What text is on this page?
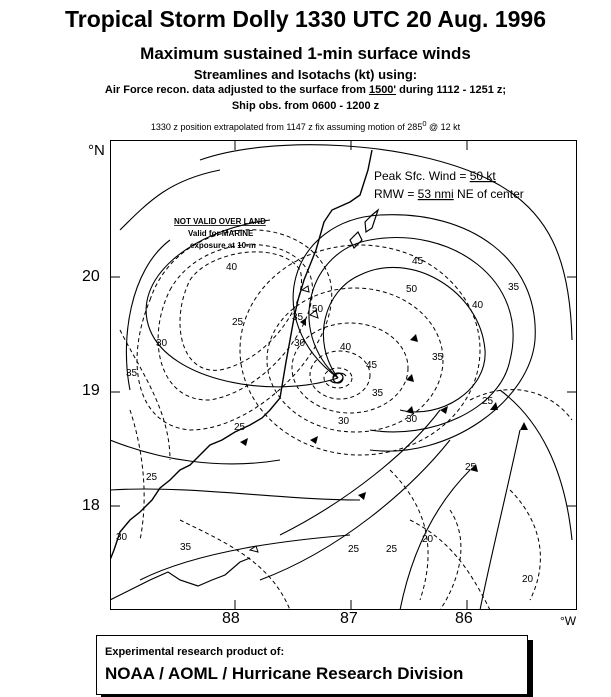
Tropical Storm Dolly 1330 UTC 20 Aug. 1996
Maximum sustained 1-min surface winds
Streamlines and Isotachs (kt) using:
Air Force recon. data adjusted to the surface from 1500' during 1112 - 1251 z;
Ship obs. from 0600 - 1200 z
1330 z position extrapolated from 1147 z fix assuming motion of $285^0$ @ 12 kt
°N
20
19
18
88	87	86	°W
40
45
50	35
40
35
25
30
35
50
45
40
35
30
25
30
25
30
35	25
25
25
20
20
30
25
35
Peak Sfc. Wind = 50 kt
RMW = 53 nmi NE of center
NOT VALID OVER LAND
Valid for MARINE
exposure at 10-m
Experimental research product of:
NOAA / AOML / Hurricane Research Division
